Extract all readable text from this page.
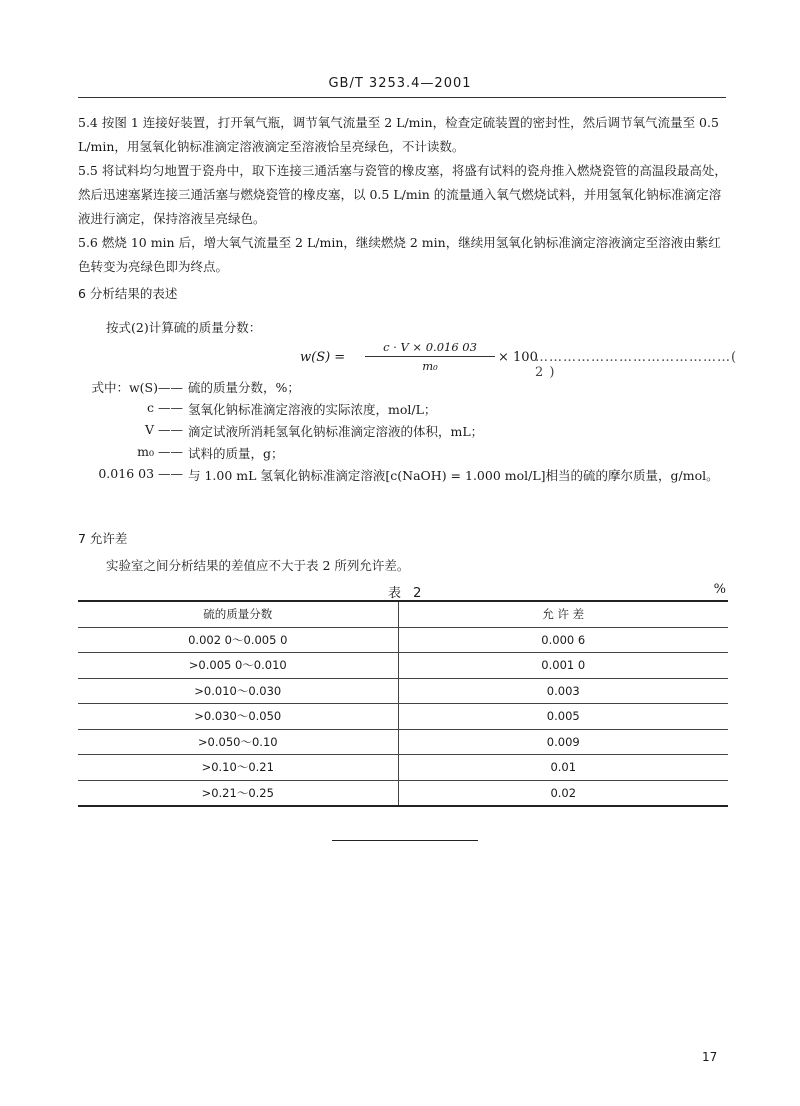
GB/T 3253.4—2001
5.4 按图 1 连接好装置，打开氧气瓶，调节氧气流量至 2 L/min，检查定硫装置的密封性，然后调节氧气流量至 0.5 L/min，用氢氧化钠标准滴定溶液滴定至溶液恰呈亮绿色，不计读数。
5.5 将试料均匀地置于瓷舟中，取下连接三通活塞与瓷管的橡皮塞，将盛有试料的瓷舟推入燃烧瓷管的高温段最高处，然后迅速塞紧连接三通活塞与燃烧瓷管的橡皮塞，以 0.5 L/min 的流量通入氧气燃烧试料，并用氢氧化钠标准滴定溶液进行滴定，保持溶液呈亮绿色。
5.6 燃烧 10 min 后，增大氧气流量至 2 L/min，继续燃烧 2 min，继续用氢氧化钠标准滴定溶液滴定至溶液由紫红色转变为亮绿色即为终点。
6 分析结果的表述
按式(2)计算硫的质量分数：
w(S) =
c · V × 0.016 03
m₀
× 100
……………………………………( 2 )
式中：w(S)—— 硫的质量分数，%；
c —— 氢氧化钠标准滴定溶液的实际浓度，mol/L；
V —— 滴定试液所消耗氢氧化钠标准滴定溶液的体积，mL；
m₀ —— 试料的质量，g；
0.016 03 —— 与 1.00 mL 氢氧化钠标准滴定溶液[c(NaOH) = 1.000 mol/L]相当的硫的摩尔质量，g/mol。
7 允许差
实验室之间分析结果的差值应不大于表 2 所列允许差。
表 2	%
硫的质量分数	允 许 差
0.002 0～0.005 0	0.000 6
>0.005 0～0.010	0.001 0
>0.010～0.030	0.003
>0.030～0.050	0.005
>0.050～0.10	0.009
>0.10～0.21	0.01
>0.21～0.25	0.02
17
